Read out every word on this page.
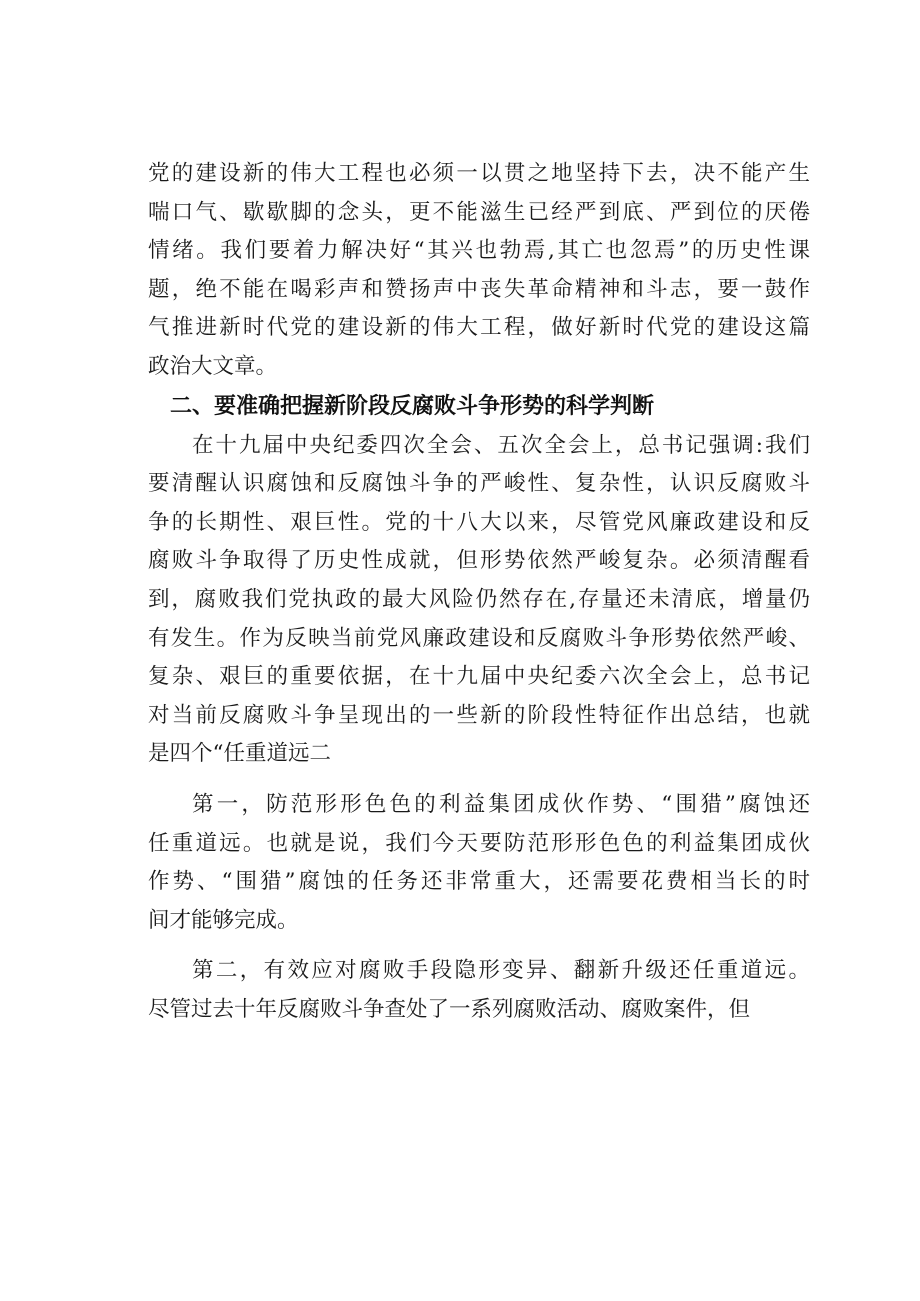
党的建设新的伟大工程也必须一以贯之地坚持下去，决不能产生
喘口气、歇歇脚的念头，更不能滋生已经严到底、严到位的厌倦
情绪。我们要着力解决好“其兴也勃焉,其亡也忽焉”的历史性课
题，绝不能在喝彩声和赞扬声中丧失革命精神和斗志，要一鼓作
气推进新时代党的建设新的伟大工程，做好新时代党的建设这篇
政治大文章。
二、要准确把握新阶段反腐败斗争形势的科学判断
在十九届中央纪委四次全会、五次全会上，总书记强调:我们
要清醒认识腐蚀和反腐蚀斗争的严峻性、复杂性，认识反腐败斗
争的长期性、艰巨性。党的十八大以来，尽管党风廉政建设和反
腐败斗争取得了历史性成就，但形势依然严峻复杂。必须清醒看
到，腐败我们党执政的最大风险仍然存在,存量还未清底，增量仍
有发生。作为反映当前党风廉政建设和反腐败斗争形势依然严峻、
复杂、艰巨的重要依据，在十九届中央纪委六次全会上，总书记
对当前反腐败斗争呈现出的一些新的阶段性特征作出总结，也就
是四个“任重道远二
第一，防范形形色色的利益集团成伙作势、“围猎”腐蚀还
任重道远。也就是说，我们今天要防范形形色色的利益集团成伙
作势、“围猎”腐蚀的任务还非常重大，还需要花费相当长的时
间才能够完成。
第二，有效应对腐败手段隐形变异、翻新升级还任重道远。
尽管过去十年反腐败斗争查处了一系列腐败活动、腐败案件，但
